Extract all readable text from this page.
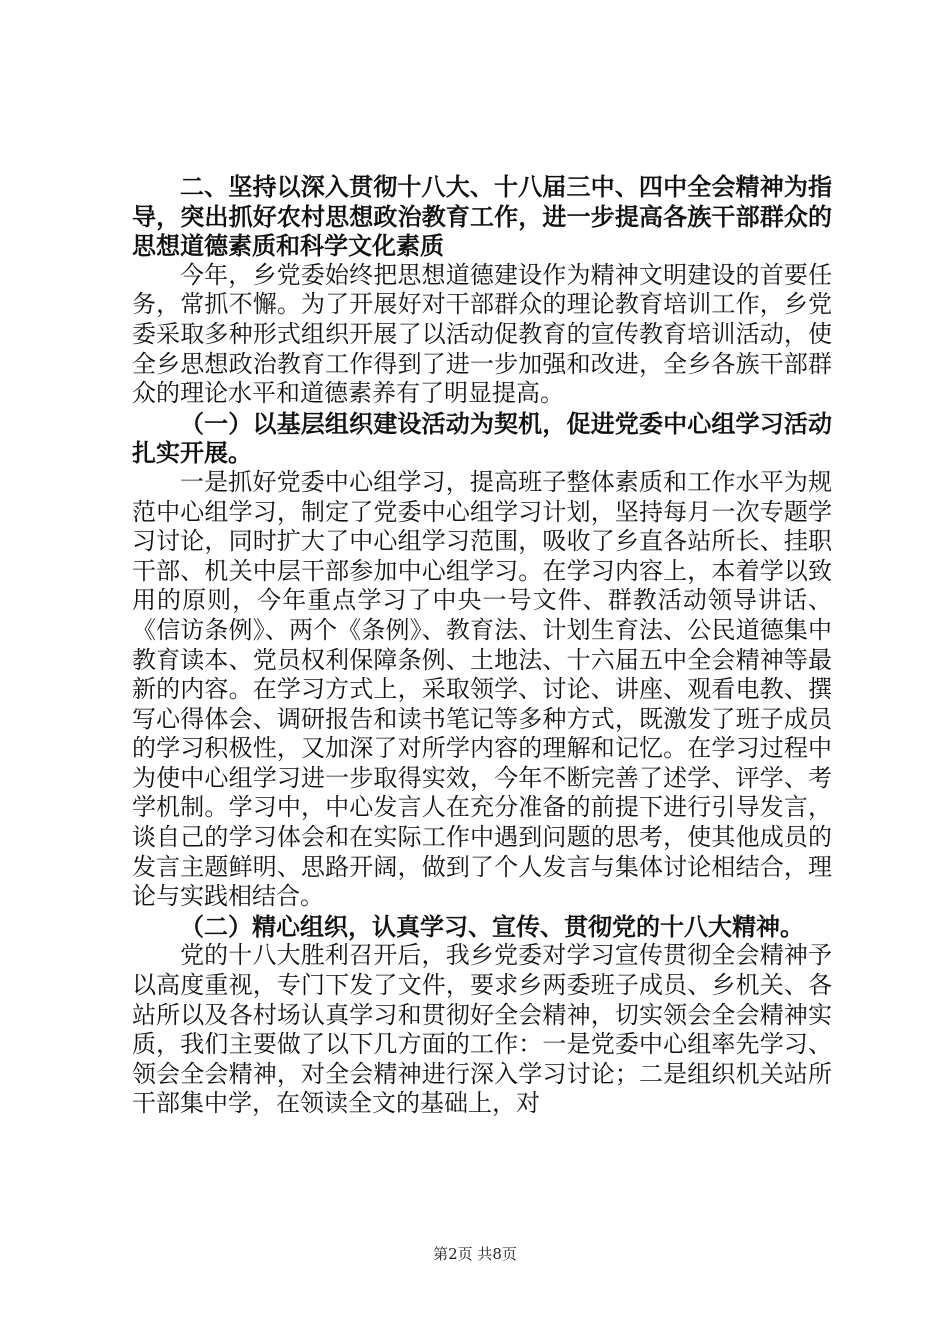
二、坚持以深入贯彻十八大、十八届三中、四中全会精神为指导，突出抓好农村思想政治教育工作，进一步提高各族干部群众的思想道德素质和科学文化素质

今年，乡党委始终把思想道德建设作为精神文明建设的首要任务，常抓不懈。为了开展好对干部群众的理论教育培训工作，乡党委采取多种形式组织开展了以活动促教育的宣传教育培训活动，使全乡思想政治教育工作得到了进一步加强和改进，全乡各族干部群众的理论水平和道德素养有了明显提高。

（一）以基层组织建设活动为契机，促进党委中心组学习活动扎实开展。

一是抓好党委中心组学习，提高班子整体素质和工作水平为规范中心组学习，制定了党委中心组学习计划，坚持每月一次专题学习讨论，同时扩大了中心组学习范围，吸收了乡直各站所长、挂职干部、机关中层干部参加中心组学习。在学习内容上，本着学以致用的原则，今年重点学习了中央一号文件、群教活动领导讲话、《信访条例》、两个《条例》、教育法、计划生育法、公民道德集中教育读本、党员权利保障条例、土地法、十六届五中全会精神等最新的内容。在学习方式上，采取领学、讨论、讲座、观看电教、撰写心得体会、调研报告和读书笔记等多种方式，既激发了班子成员的学习积极性，又加深了对所学内容的理解和记忆。在学习过程中为使中心组学习进一步取得实效，今年不断完善了述学、评学、考学机制。学习中，中心发言人在充分准备的前提下进行引导发言，谈自己的学习体会和在实际工作中遇到问题的思考，使其他成员的发言主题鲜明、思路开阔，做到了个人发言与集体讨论相结合，理论与实践相结合。

（二）精心组织，认真学习、宣传、贯彻党的十八大精神。

党的十八大胜利召开后，我乡党委对学习宣传贯彻全会精神予以高度重视，专门下发了文件，要求乡两委班子成员、乡机关、各站所以及各村场认真学习和贯彻好全会精神，切实领会全会精神实质，我们主要做了以下几方面的工作：一是党委中心组率先学习、领会全会精神，对全会精神进行深入学习讨论；二是组织机关站所干部集中学，在领读全文的基础上，对

第2页 共8页
